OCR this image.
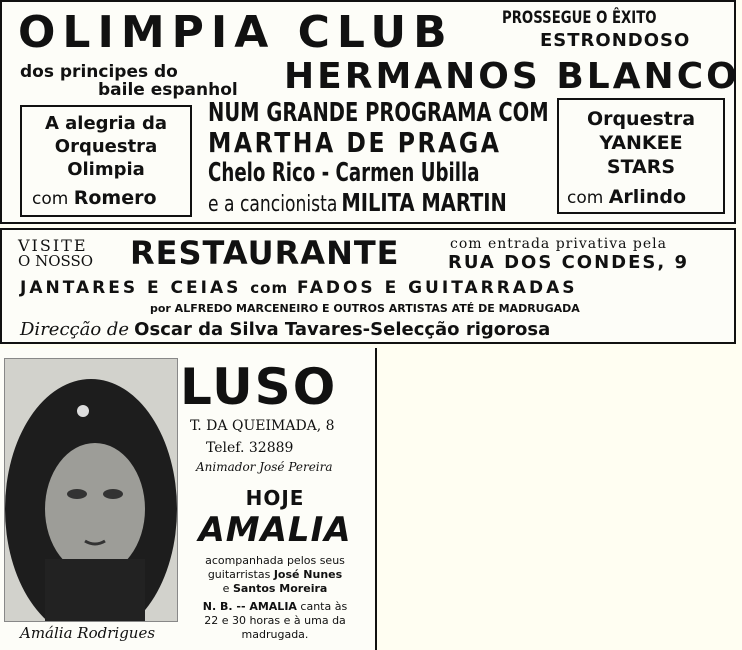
OLIMPIA CLUB	PROSSEGUE O ÊXITO
ESTRONDOSO
dos principes do
baile espanhol HERMANOS BLANCO
A alegria da
Orquestra
Olimpia
com Romero
NUM GRANDE PROGRAMA COM
MARTHA DE PRAGA
Chelo Rico - Carmen Ubilla
e a cancionista MILITA MARTIN
Orquestra
YANKEE
STARS
com Arlindo
VISITE
O NOSSO RESTAURANTE	com entrada privativa pela
RUA DOS CONDES, 9
JANTARES E CEIAS com FADOS E GUITARRADAS
por ALFREDO MARCENEIRO E OUTROS ARTISTAS ATÉ DE MADRUGADA
Direcção de Oscar da Silva Tavares-Selecção rigorosa
Amália Rodrigues
LUSO
T. DA QUEIMADA, 8
Telef. 32889
Animador José Pereira
HOJE
AMALIA
acompanhada pelos seus
guitarristas José Nunes
e Santos Moreira
N. B. -- AMALIA canta às
22 e 30 horas e à uma da
madrugada.
